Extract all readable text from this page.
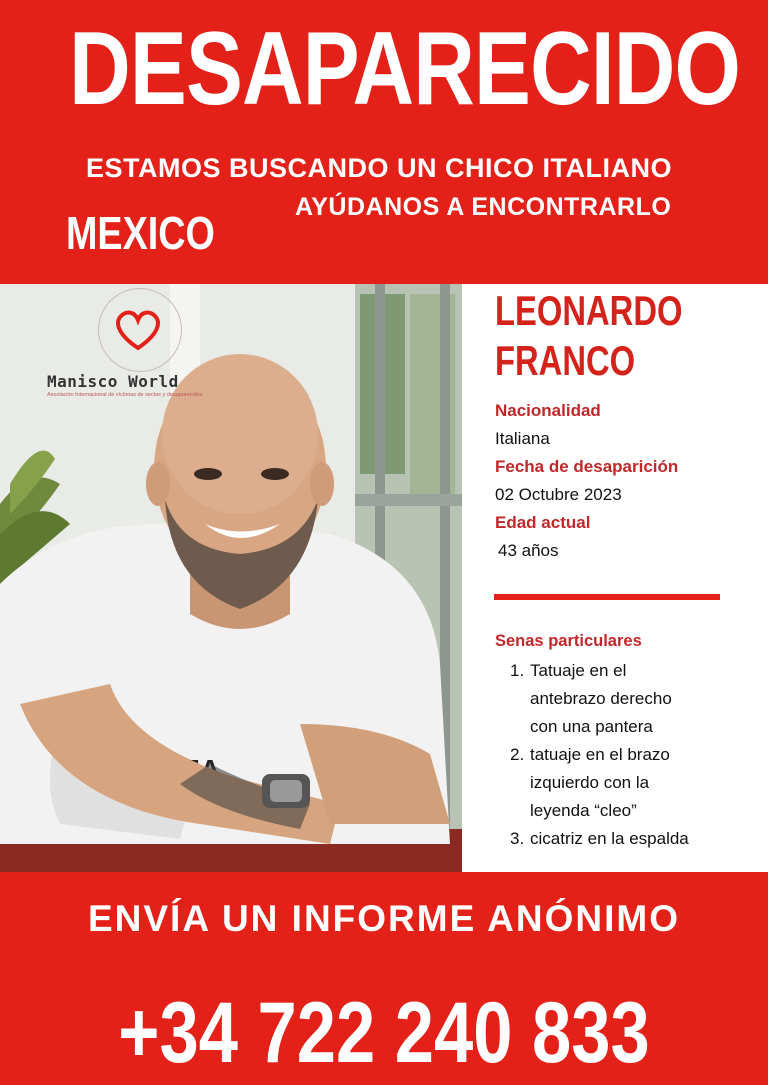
DESAPARECIDO
ESTAMOS BUSCANDO UN CHICO ITALIANO
AYÚDANOS A ENCONTRARLO
MEXICO
Manisco World
Asociación Internacional de víctimas de sectas y desaparecidos
LEONARDO
FRANCO
Nacionalidad
Italiana
Fecha de desaparición
02 Octubre 2023
Edad actual
43 años
Senas particulares
1. Tatuaje en el
antebrazo derecho
con una pantera
2. tatuaje en el brazo
izquierdo con la
leyenda “cleo”
3. cicatriz en la espalda
ENVÍA UN INFORME ANÓNIMO
+34 722 240 833
